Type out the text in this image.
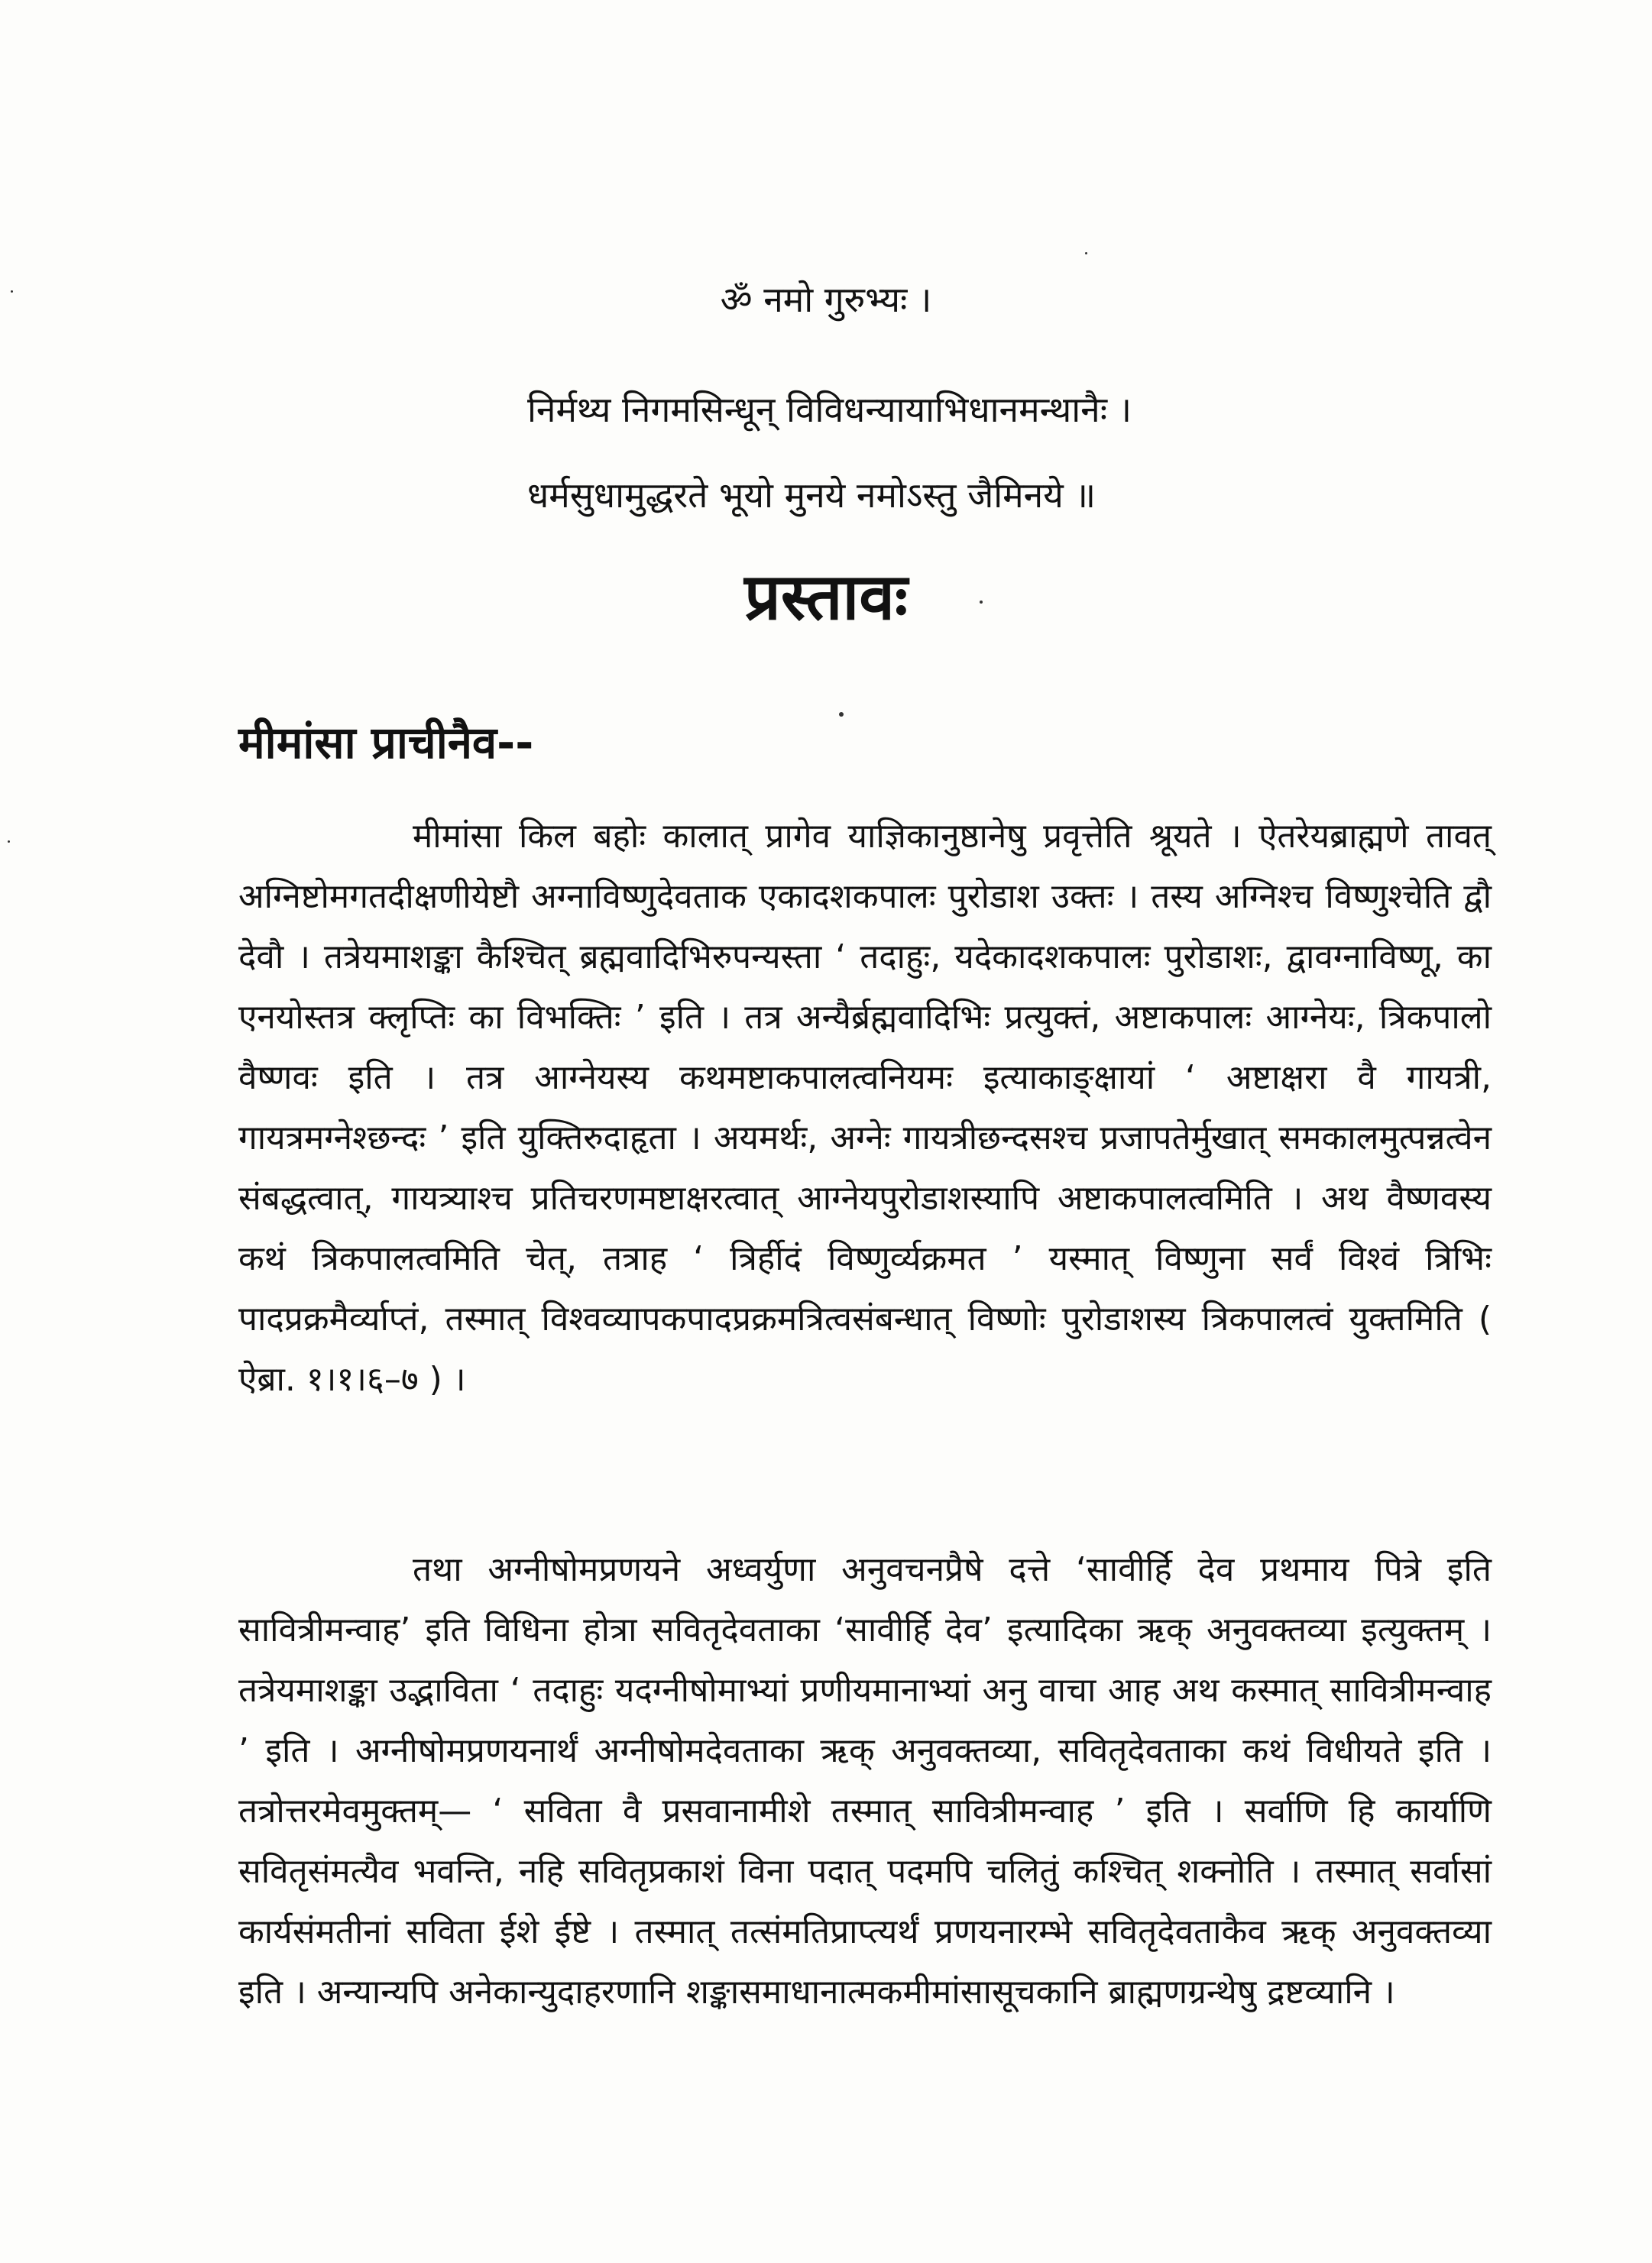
ॐ नमो गुरुभ्यः ।
निर्मथ्य निगमसिन्धून् विविधन्यायाभिधानमन्थानैः ।
धर्मसुधामुद्धरते भूयो मुनये नमोऽस्तु जैमिनये ॥
प्रस्तावः
मीमांसा प्राचीनैव--

मीमांसा किल बहोः कालात् प्रागेव याज्ञिकानुष्ठानेषु प्रवृत्तेति श्रूयते । ऐतरेयब्राह्मणे तावत् अग्निष्टोमगतदीक्षणीयेष्टौ अग्नाविष्णुदेवताक एकादशकपालः पुरोडाश उक्तः । तस्य अग्निश्च विष्णुश्चेति द्वौ देवौ । तत्रेयमाशङ्का कैश्चित् ब्रह्मवादिभिरुपन्यस्ता ‘ तदाहुः, यदेकादशकपालः पुरोडाशः, द्वावग्नाविष्णू, का एनयोस्तत्र क्लृप्तिः का विभक्तिः ’ इति । तत्र अन्यैर्ब्रह्मवादिभिः प्रत्युक्तं, अष्टाकपालः आग्नेयः, त्रिकपालो वैष्णवः इति । तत्र आग्नेयस्य कथमष्टाकपालत्वनियमः इत्याकाङ्क्षायां ‘ अष्टाक्षरा वै गायत्री, गायत्रमग्नेश्छन्दः ’ इति युक्तिरुदाहृता । अयमर्थः, अग्नेः गायत्रीछन्दसश्च प्रजापतेर्मुखात् समकालमुत्पन्नत्वेन संबद्धत्वात्, गायत्र्याश्च प्रतिचरणमष्टाक्षरत्वात् आग्नेयपुरोडाशस्यापि अष्टाकपालत्वमिति । अथ वैष्णवस्य कथं त्रिकपालत्वमिति चेत्, तत्राह ‘ त्रिर्हीदं विष्णुर्व्यक्रमत ’ यस्मात् विष्णुना सर्वं विश्वं त्रिभिः पादप्रक्रमैर्व्याप्तं, तस्मात् विश्वव्यापकपादप्रक्रमत्रित्वसंबन्धात् विष्णोः पुरोडाशस्य त्रिकपालत्वं युक्तमिति ( ऐब्रा. १।१।६–७ ) ।

तथा अग्नीषोमप्रणयने अध्वर्युणा अनुवचनप्रैषे दत्ते ‘सावीर्हि देव प्रथमाय पित्रे इति सावित्रीमन्वाह’ इति विधिना होत्रा सवितृदेवताका ‘सावीर्हि देव’ इत्यादिका ऋक् अनुवक्तव्या इत्युक्तम् । तत्रेयमाशङ्का उद्भाविता ‘ तदाहुः यदग्नीषोमाभ्यां प्रणीयमानाभ्यां अनु वाचा आह अथ कस्मात् सावित्रीमन्वाह ’ इति । अग्नीषोमप्रणयनार्थं अग्नीषोमदेवताका ऋक् अनुवक्तव्या, सवितृदेवताका कथं विधीयते इति । तत्रोत्तरमेवमुक्तम्— ‘ सविता वै प्रसवानामीशे तस्मात् सावित्रीमन्वाह ’ इति । सर्वाणि हि कार्याणि सवितृसंमत्यैव भवन्ति, नहि सवितृप्रकाशं विना पदात् पदमपि चलितुं कश्चित् शक्नोति । तस्मात् सर्वासां कार्यसंमतीनां सविता ईशे ईष्टे । तस्मात् तत्संमतिप्राप्त्यर्थं प्रणयनारम्भे सवितृदेवताकैव ऋक् अनुवक्तव्या इति । अन्यान्यपि अनेकान्युदाहरणानि शङ्कासमाधानात्मकमीमांसासूचकानि ब्राह्मणग्रन्थेषु द्रष्टव्यानि ।
